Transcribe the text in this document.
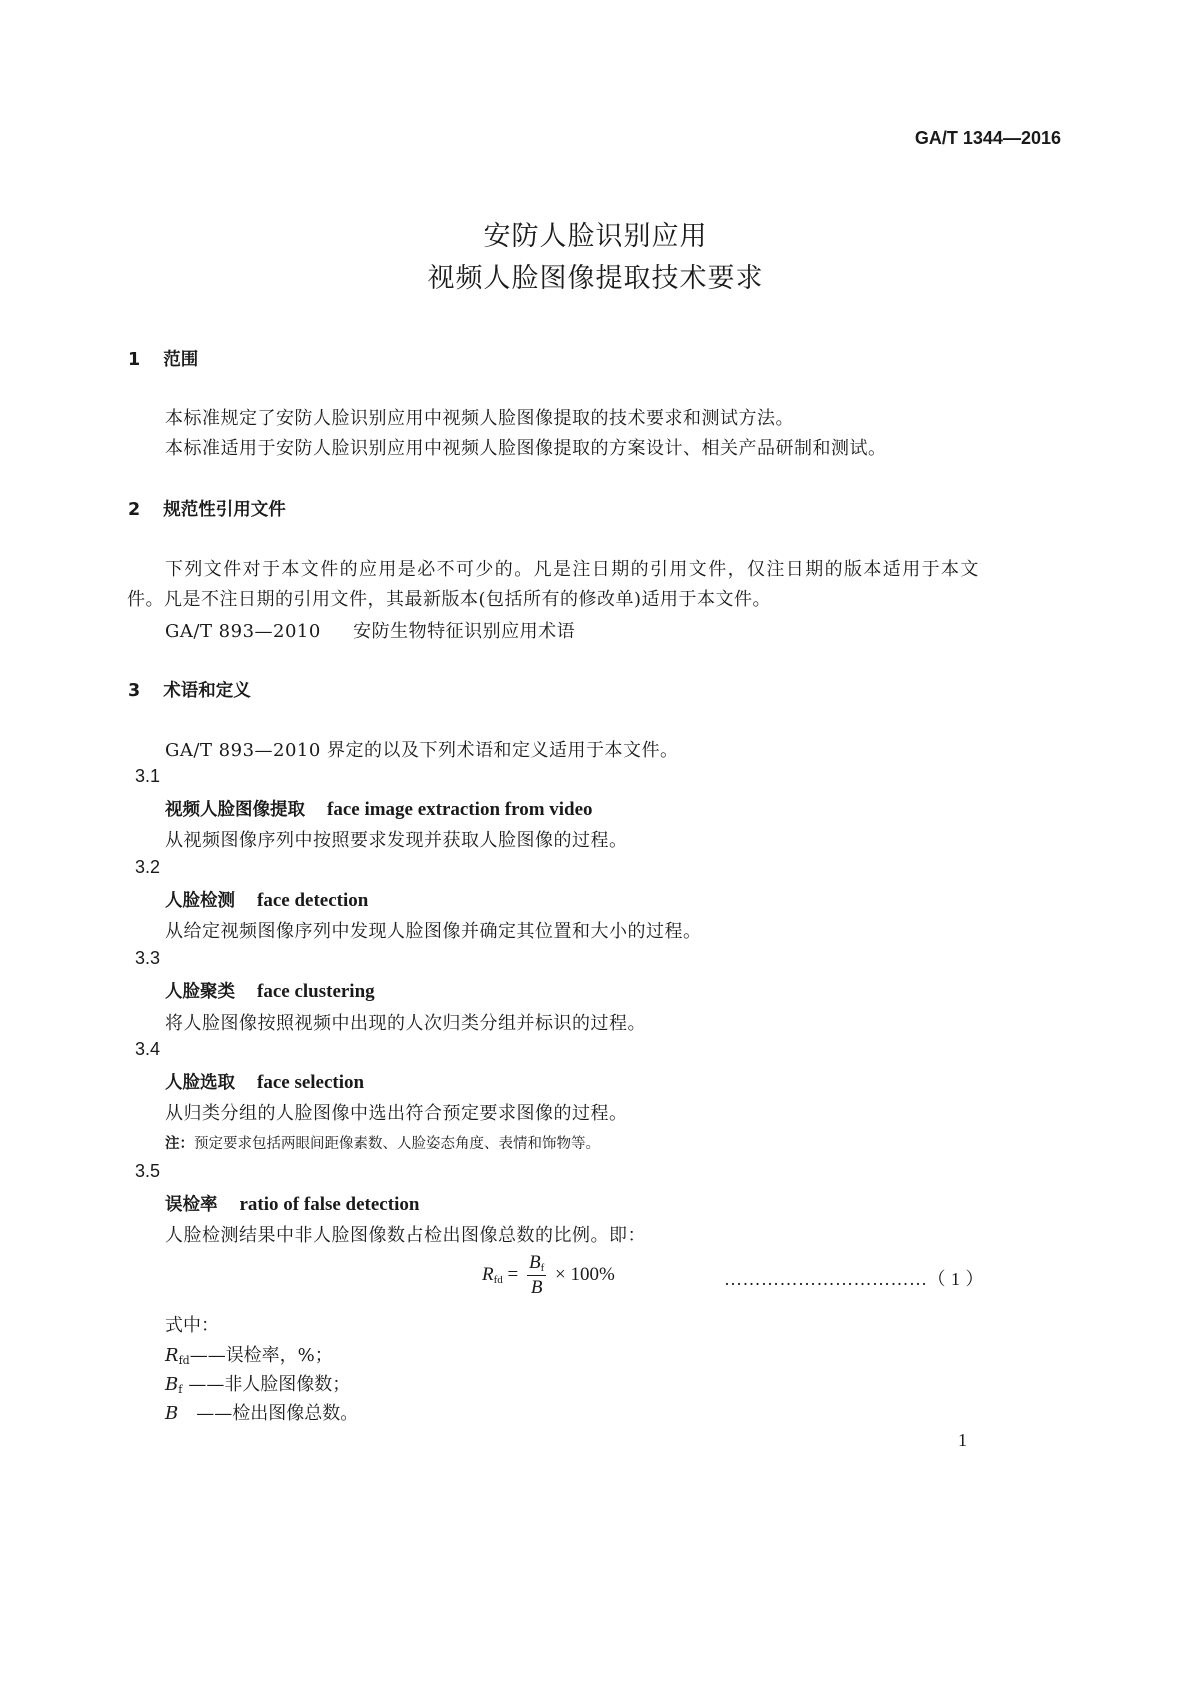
GA/T 1344—2016
安防人脸识别应用
视频人脸图像提取技术要求
1 范围
本标准规定了安防人脸识别应用中视频人脸图像提取的技术要求和测试方法。
本标准适用于安防人脸识别应用中视频人脸图像提取的方案设计、相关产品研制和测试。
2 规范性引用文件
下列文件对于本文件的应用是必不可少的。凡是注日期的引用文件，仅注日期的版本适用于本文
件。凡是不注日期的引用文件，其最新版本(包括所有的修改单)适用于本文件。
GA/T 893—2010 安防生物特征识别应用术语
3 术语和定义
GA/T 893—2010 界定的以及下列术语和定义适用于本文件。
3.1
视频人脸图像提取 face image extraction from video
从视频图像序列中按照要求发现并获取人脸图像的过程。
3.2
人脸检测 face detection
从给定视频图像序列中发现人脸图像并确定其位置和大小的过程。
3.3
人脸聚类 face clustering
将人脸图像按照视频中出现的人次归类分组并标识的过程。
3.4
人脸选取 face selection
从归类分组的人脸图像中选出符合预定要求图像的过程。
注：预定要求包括两眼间距像素数、人脸姿态角度、表情和饰物等。
3.5
误检率 ratio of false detection
人脸检测结果中非人脸图像数占检出图像总数的比例。即：
$R_{fd} = \frac{B_f}{B} \times 100\%$	……………………………（ 1 ）
式中：
$R_{fd}——$误检率，%；
$B_f$ ——非人脸图像数；
B ——检出图像总数。
1
